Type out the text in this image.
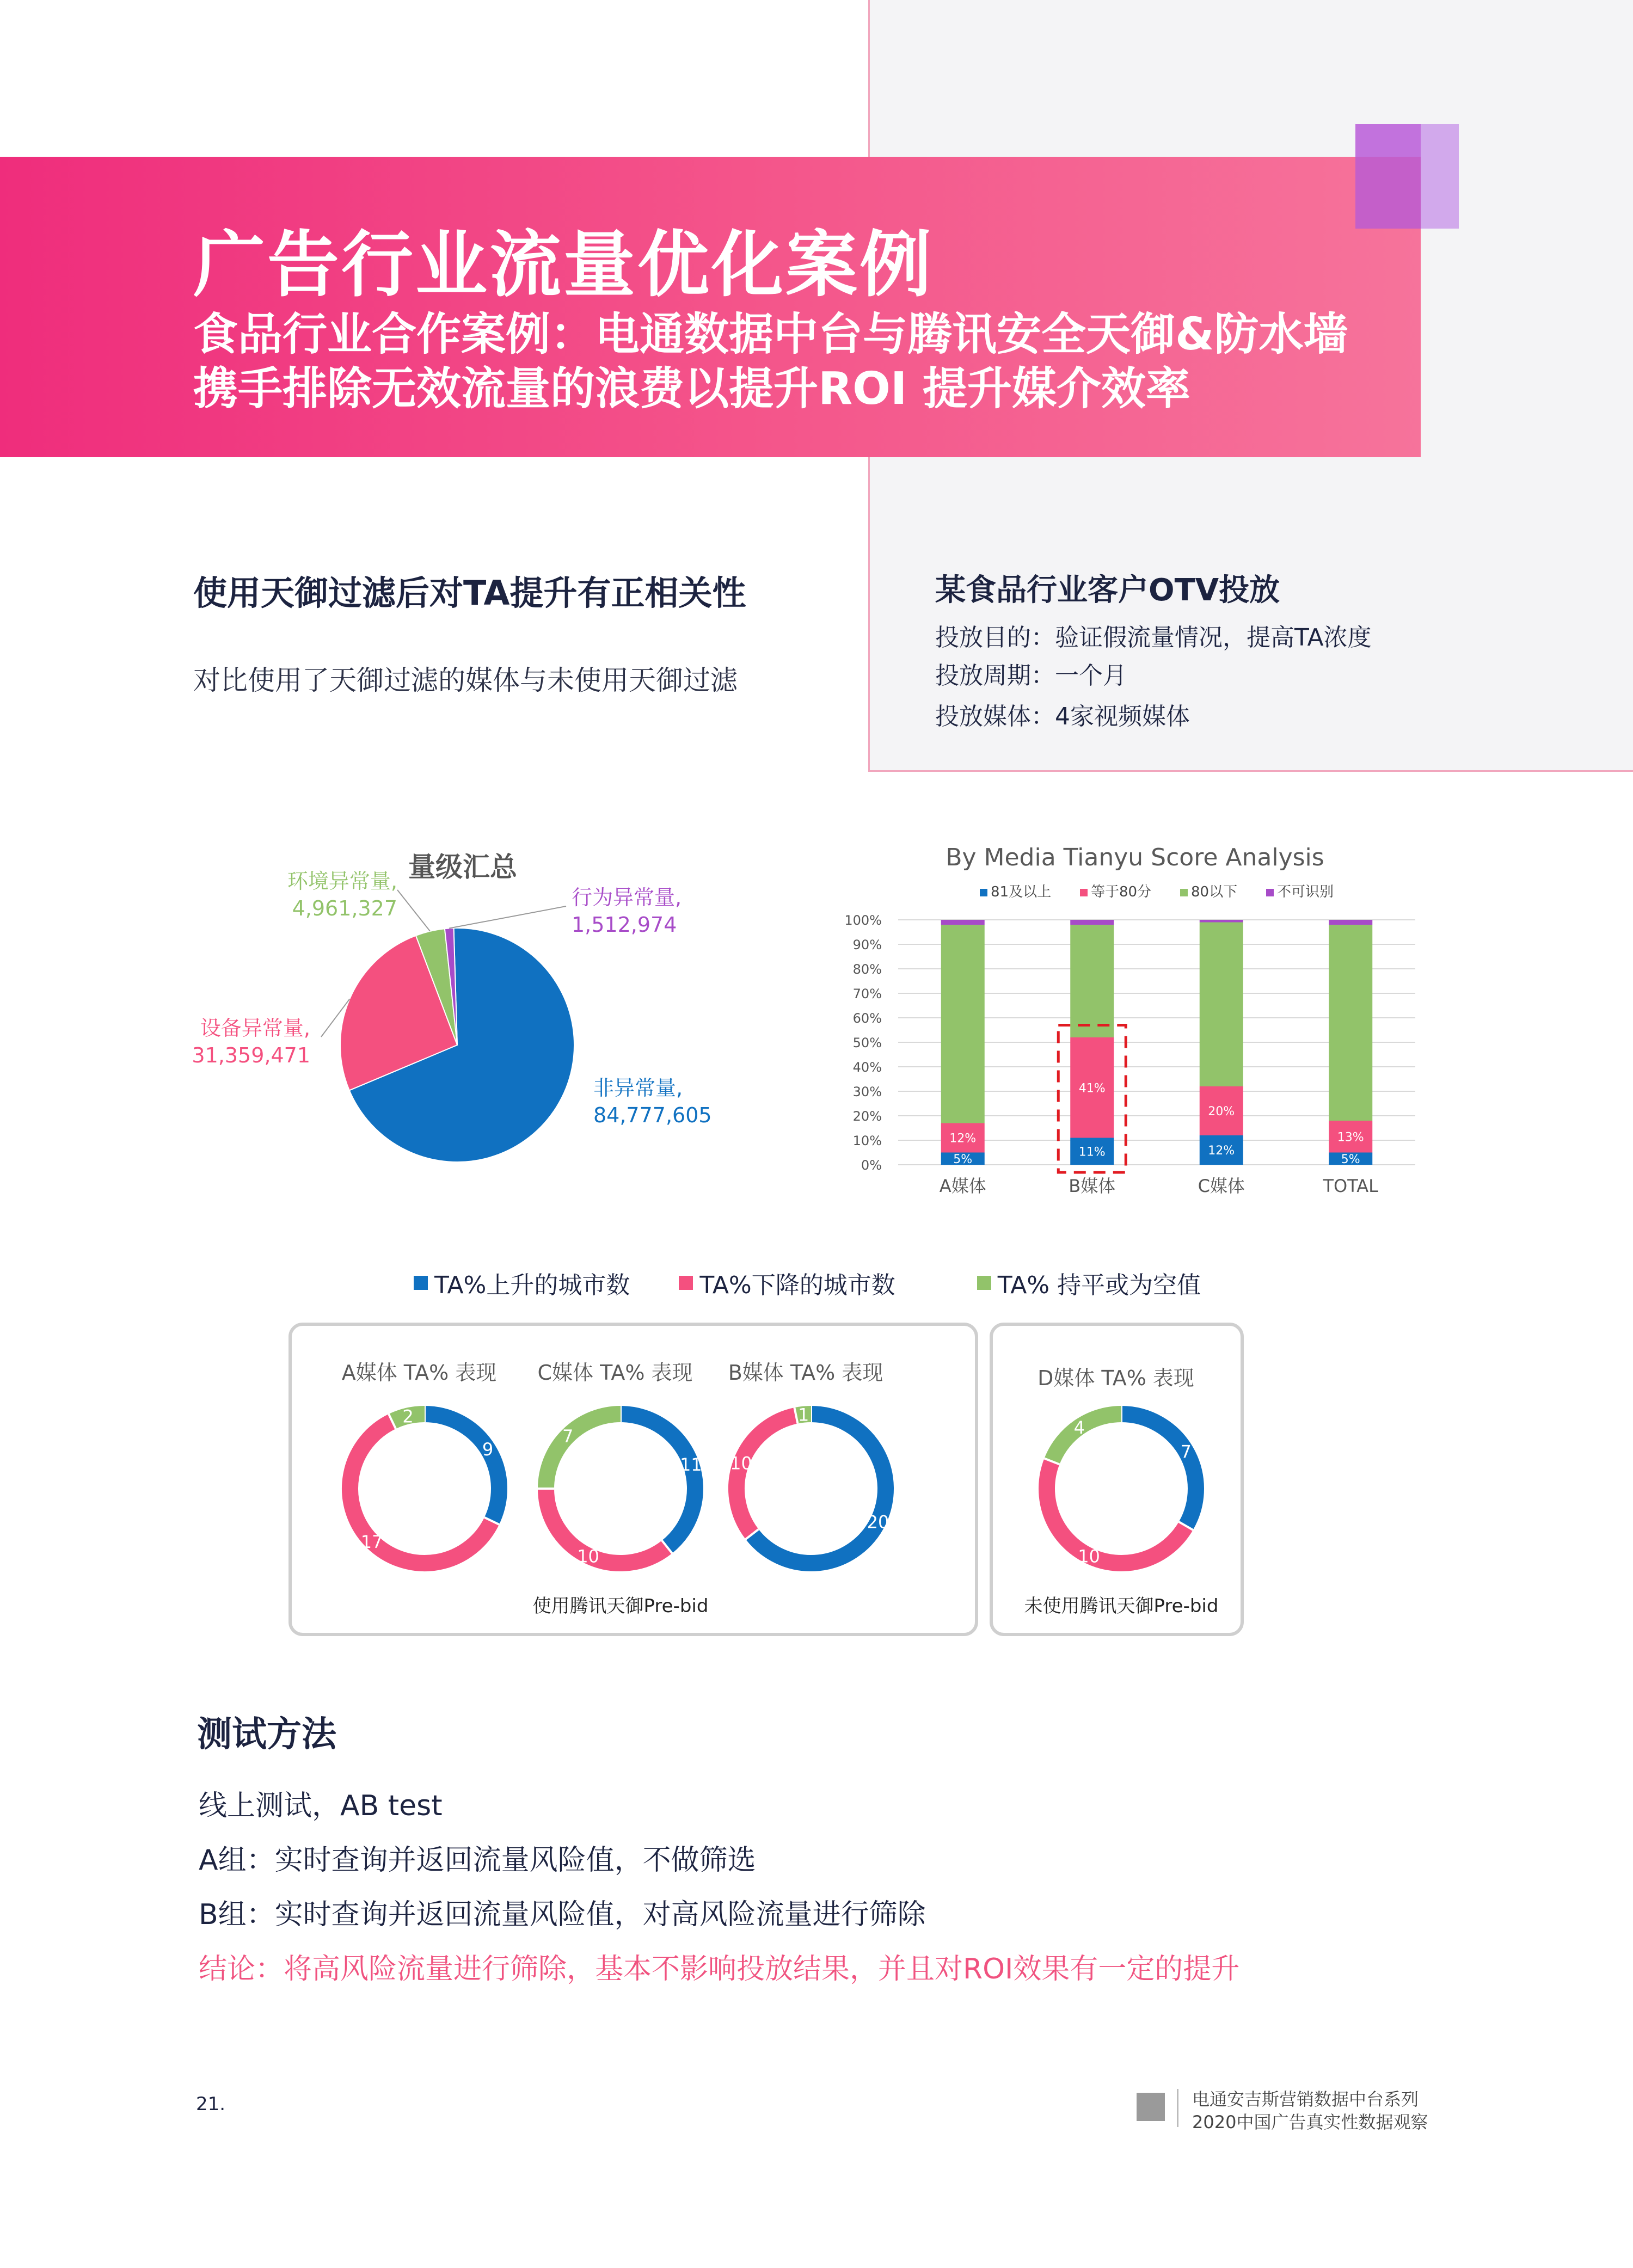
广告行业流量优化案例
食品行业合作案例：电通数据中台与腾讯安全天御&防水墙
携手排除无效流量的浪费以提升ROI 提升媒介效率
使用天御过滤后对TA提升有正相关性
对比使用了天御过滤的媒体与未使用天御过滤
某食品行业客户OTV投放
投放目的：验证假流量情况，提高TA浓度
投放周期：一个月
投放媒体：4家视频媒体
量级汇总
非异常量,
84,777,605
设备异常量,
31,359,471
环境异常量,
4,961,327	行为异常量,
1,512,974
By Media Tianyu Score Analysis
81及以上	等于80分	80以下	不可识别
0%
10%
20%
30%
40%
50%
60%
70%
80%
90%
100%
5%
12%
11%
41%
12%
20%
5%
13%
A媒体	B媒体	C媒体	TOTAL
TA%上升的城市数	TA%下降的城市数	TA% 持平或为空值
A媒体 TA% 表现
9
17
2
C媒体 TA% 表现
11
10
7
B媒体 TA% 表现
20
10
1
D媒体 TA% 表现
7
10
4
使用腾讯天御Pre-bid	未使用腾讯天御Pre-bid
测试方法
线上测试，AB test
A组：实时查询并返回流量风险值，不做筛选
B组：实时查询并返回流量风险值，对高风险流量进行筛除
结论：将高风险流量进行筛除，基本不影响投放结果，并且对ROI效果有一定的提升
21.	电通安吉斯营销数据中台系列
2020中国广告真实性数据观察
